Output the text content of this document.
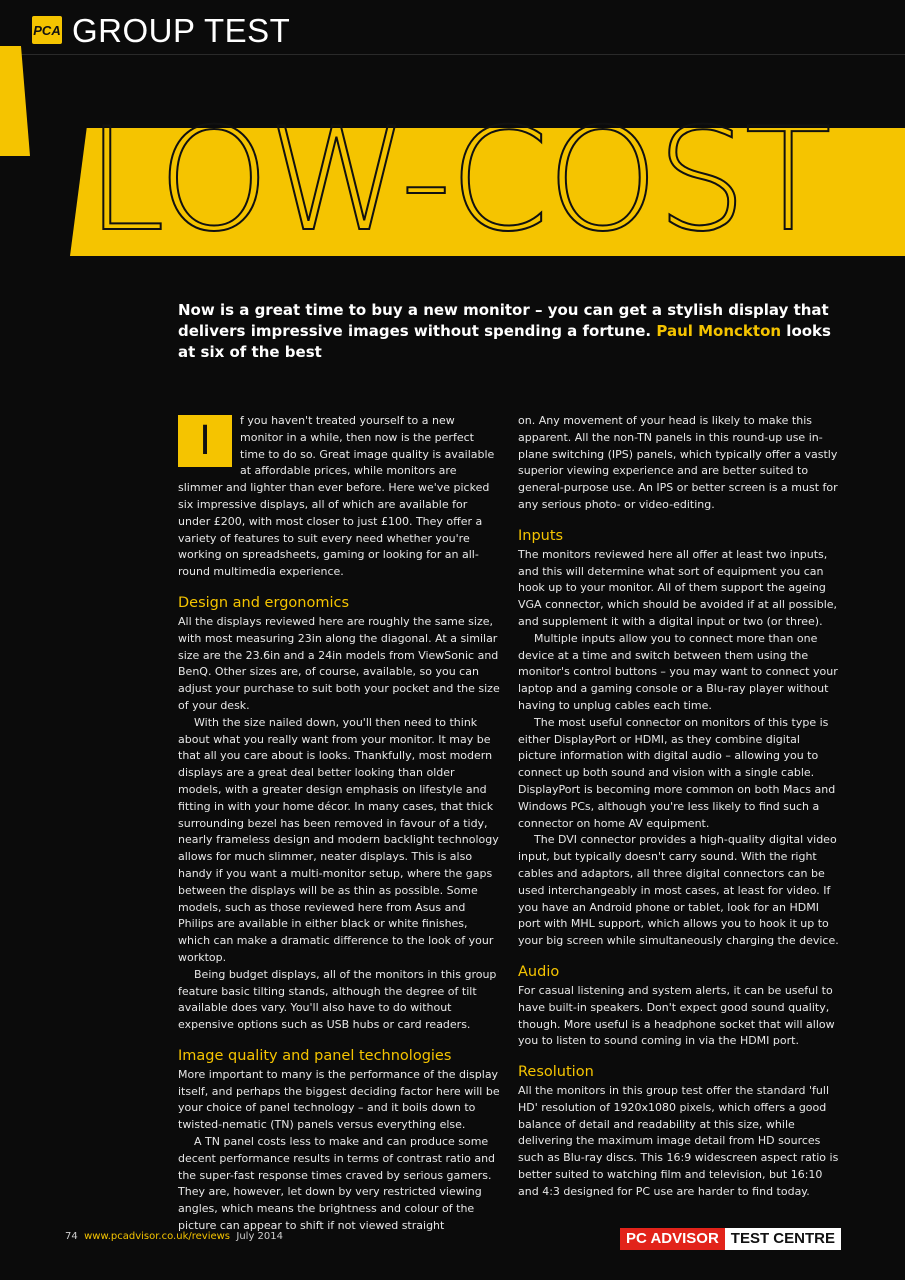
PCA GROUP TEST
LOW-COST
Now is a great time to buy a new monitor – you can get a stylish display that delivers impressive images without spending a fortune. Paul Monckton looks at six of the best

I	f you haven't treated yourself to a new monitor in a while, then now is the perfect time to do so. Great image quality is available at affordable prices, while monitors are slimmer and lighter than ever before. Here we've picked six impressive displays, all of which are available for under £200, with most closer to just £100. They offer a variety of features to suit every need whether you're working on spreadsheets, gaming or looking for an all-round multimedia experience.

Design and ergonomics

All the displays reviewed here are roughly the same size, with most measuring 23in along the diagonal. At a similar size are the 23.6in and a 24in models from ViewSonic and BenQ. Other sizes are, of course, available, so you can adjust your purchase to suit both your pocket and the size of your desk.

With the size nailed down, you'll then need to think about what you really want from your monitor. It may be that all you care about is looks. Thankfully, most modern displays are a great deal better looking than older models, with a greater design emphasis on lifestyle and fitting in with your home décor. In many cases, that thick surrounding bezel has been removed in favour of a tidy, nearly frameless design and modern backlight technology allows for much slimmer, neater displays. This is also handy if you want a multi-monitor setup, where the gaps between the displays will be as thin as possible. Some models, such as those reviewed here from Asus and Philips are available in either black or white finishes, which can make a dramatic difference to the look of your worktop.

Being budget displays, all of the monitors in this group feature basic tilting stands, although the degree of tilt available does vary. You'll also have to do without expensive options such as USB hubs or card readers.

Image quality and panel technologies

More important to many is the performance of the display itself, and perhaps the biggest deciding factor here will be your choice of panel technology – and it boils down to twisted-nematic (TN) panels versus everything else.

A TN panel costs less to make and can produce some decent performance results in terms of contrast ratio and the super-fast response times craved by serious gamers. They are, however, let down by very restricted viewing angles, which means the brightness and colour of the picture can appear to shift if not viewed straight

on. Any movement of your head is likely to make this apparent. All the non-TN panels in this round-up use in-plane switching (IPS) panels, which typically offer a vastly superior viewing experience and are better suited to general-purpose use. An IPS or better screen is a must for any serious photo- or video-editing.

Inputs

The monitors reviewed here all offer at least two inputs, and this will determine what sort of equipment you can hook up to your monitor. All of them support the ageing VGA connector, which should be avoided if at all possible, and supplement it with a digital input or two (or three).

Multiple inputs allow you to connect more than one device at a time and switch between them using the monitor's control buttons – you may want to connect your laptop and a gaming console or a Blu-ray player without having to unplug cables each time.

The most useful connector on monitors of this type is either DisplayPort or HDMI, as they combine digital picture information with digital audio – allowing you to connect up both sound and vision with a single cable. DisplayPort is becoming more common on both Macs and Windows PCs, although you're less likely to find such a connector on home AV equipment.

The DVI connector provides a high-quality digital video input, but typically doesn't carry sound. With the right cables and adaptors, all three digital connectors can be used interchangeably in most cases, at least for video. If you have an Android phone or tablet, look for an HDMI port with MHL support, which allows you to hook it up to your big screen while simultaneously charging the device.

Audio

For casual listening and system alerts, it can be useful to have built-in speakers. Don't expect good sound quality, though. More useful is a headphone socket that will allow you to listen to sound coming in via the HDMI port.

Resolution

All the monitors in this group test offer the standard 'full HD' resolution of 1920x1080 pixels, which offers a good balance of detail and readability at this size, while delivering the maximum image detail from HD sources such as Blu-ray discs. This 16:9 widescreen aspect ratio is better suited to watching film and television, but 16:10 and 4:3 designed for PC use are harder to find today.

74 www.pcadvisor.co.uk/reviews July 2014	PC ADVISOR TEST CENTRE
